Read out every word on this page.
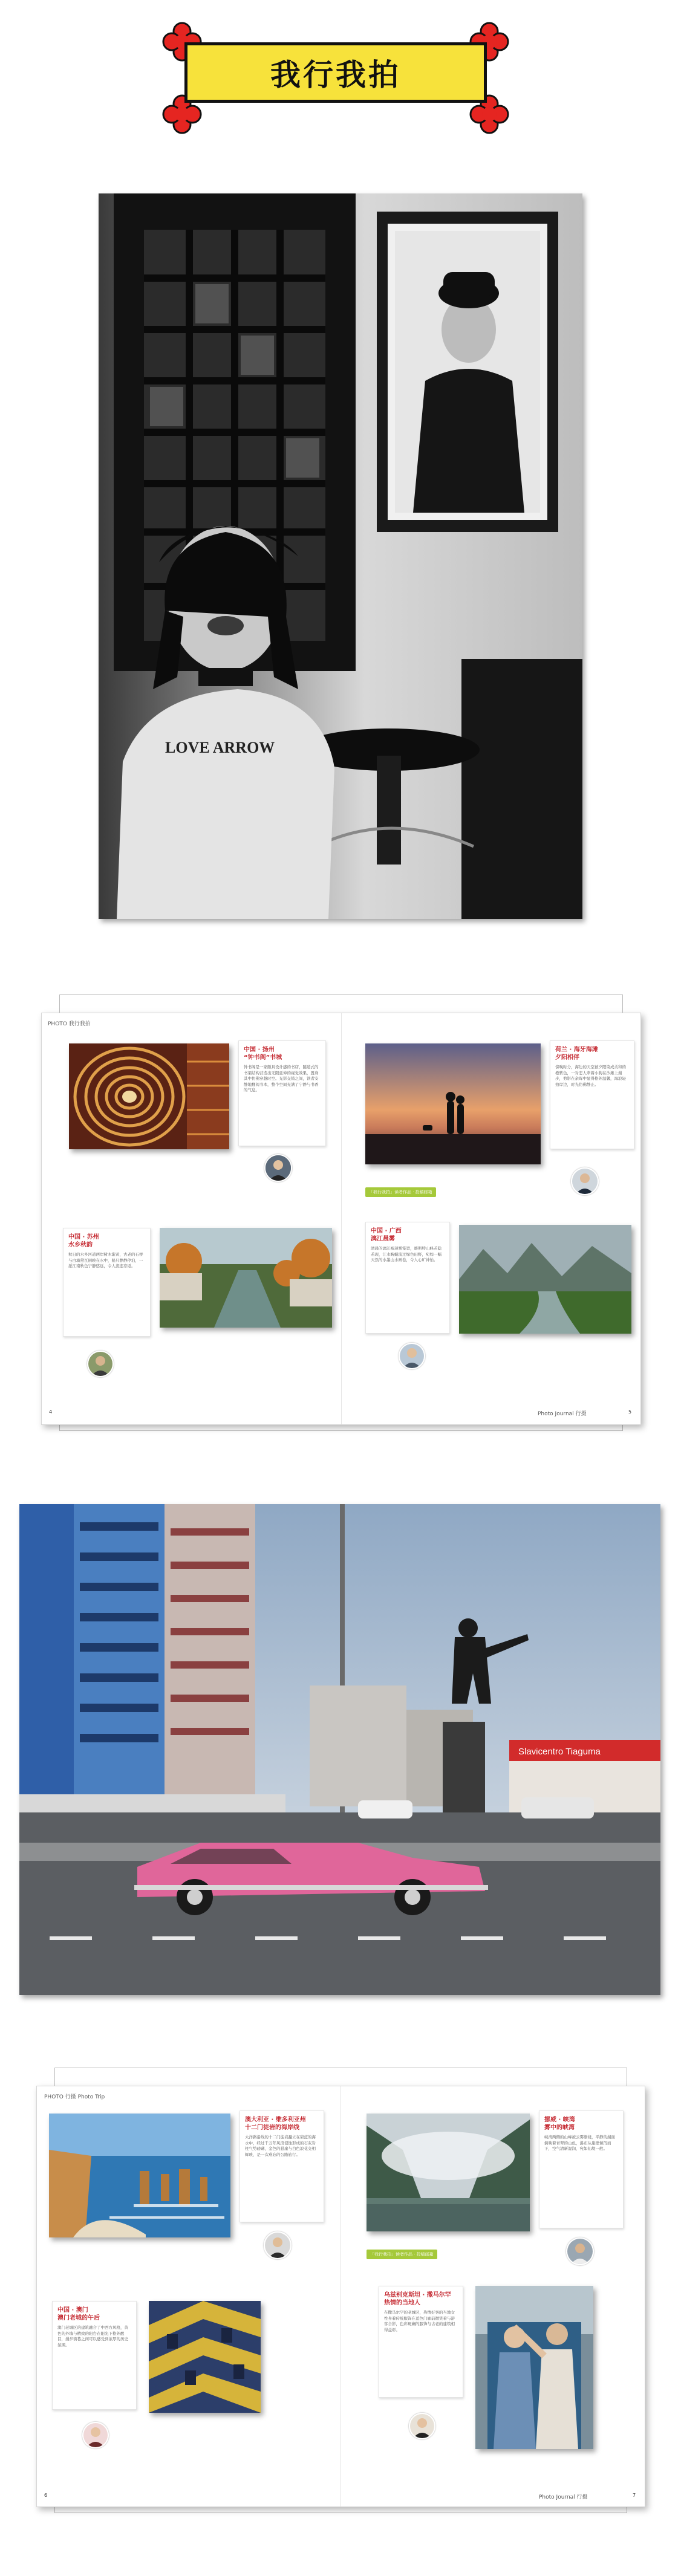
我行我拍
LOVE ARROW
PHOTO 我行我拍
中国 · 扬州
“钟书阁”书城
钟书阁是一家颇具设计感的书店，隧道式的书架结构营造出无限延伸的视觉效果，置身其中仿佛穿越时空。光影交错之间，读者安静地翻阅书本，整个空间充满了宁静与书香的气息。
中国 · 苏州
水乡秋韵
秋日的水乡河道两岸树木渐黄，古老的石桥与白墙黛瓦倒映在水中，船只静静停泊，一派江南秋色宁静悠远，令人流连忘返。
4
荷兰 · 海牙海滩
夕阳相伴
傍晚时分，海边的天空被夕阳染成柔和的橙紫色，一对恋人牵着小狗在沙滩上漫步，剪影在余晖中显得格外温馨，海浪轻拍岸边，时光仿佛静止。
「我行我拍」读者作品 · 投稿邮箱
中国 · 广西
漓江晨雾
清晨的漓江被薄雾笼罩，喀斯特山峰若隐若现，江水蜿蜒流过绿色田野，宛如一幅天然的水墨山水画卷，令人心旷神怡。
Photo Journal 行摄	5
Slavicentro Tiaguma
PHOTO 行摄 Photo Trip
澳大利亚 · 维多利亚州
十二门徒岩的海岸线
大洋路沿线的十二门徒岩矗立在碧蓝的海水中，经过千万年风浪侵蚀形成的石灰岩柱气势磅礴，金色的悬崖与白色浪花交相辉映，是一次难忘的公路旅行。
中国 · 澳门
澳门老城的午后
澳门老城区的建筑融合了中西方风格，黄色的外墙与精致的阳台在阳光下格外醒目，漫步街巷之间可以感受到浓厚的历史氛围。
6
挪威 · 峡湾
雾中的峡湾
峡湾两侧的山峰被云雾缭绕，平静的湖面倒映着青翠的山色，瀑布从崖壁倾泻而下，空气清新湿润，宛如仙境一般。
「我行我拍」读者作品 · 投稿邮箱
乌兹别克斯坦 · 撒马尔罕
热情的当地人
在撒马尔罕的老城区，热情好客的当地女性身着传统服饰在蓝色门廊前微笑着与游客合影，色彩斑斓的服饰与古老的建筑相得益彰。
Photo Journal 行摄	7
